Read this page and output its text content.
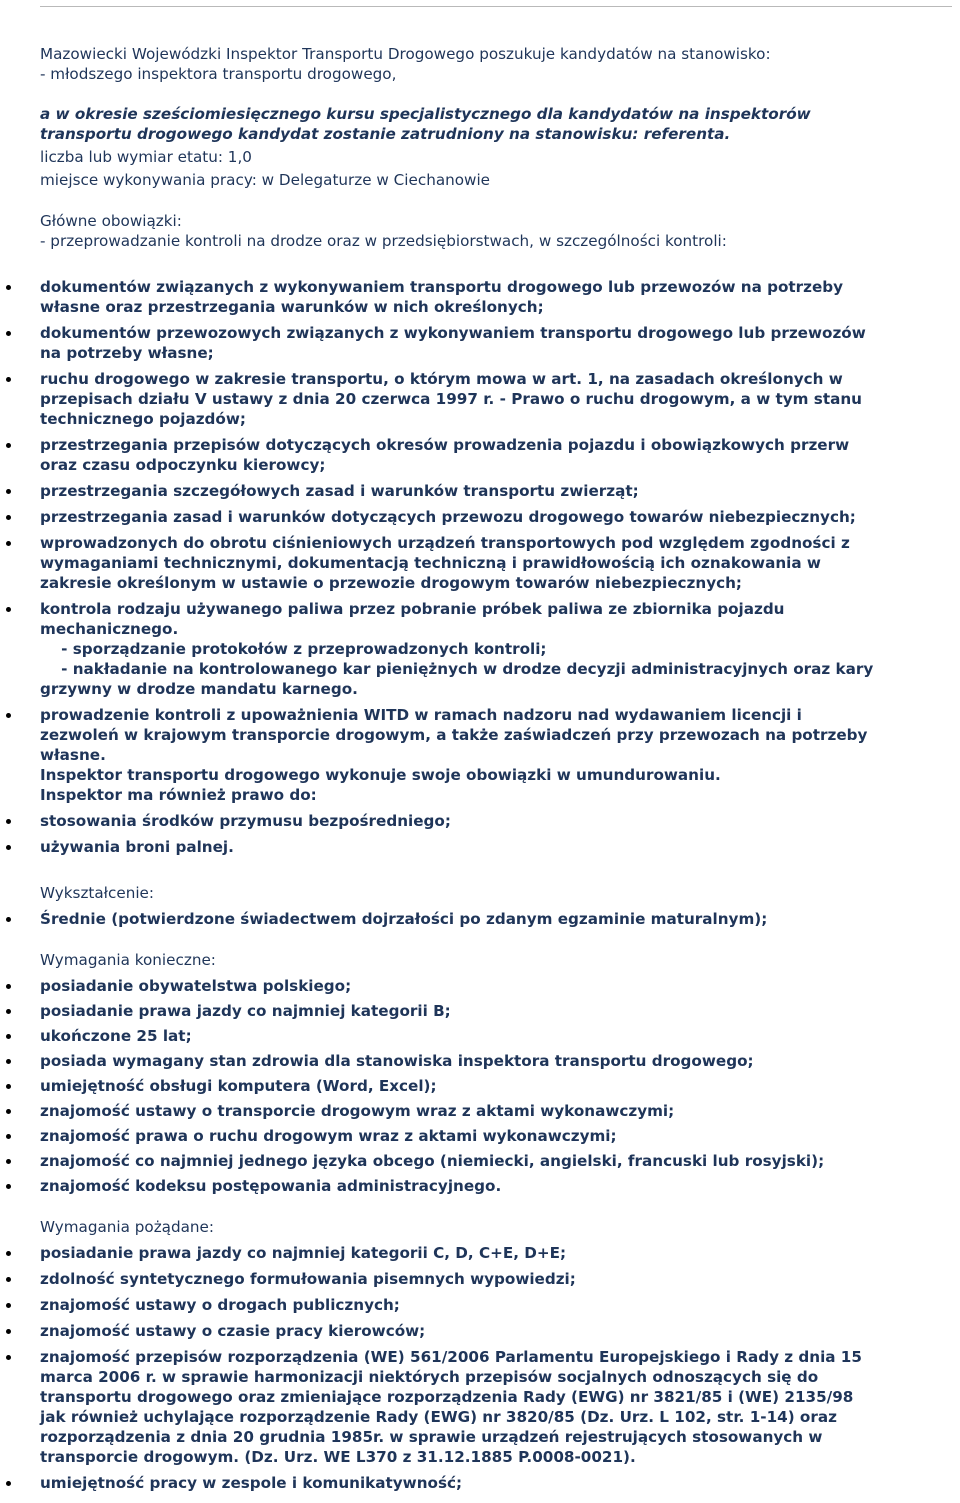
Mazowiecki Wojewódzki Inspektor Transportu Drogowego poszukuje kandydatów na stanowisko:
- młodszego inspektora transportu drogowego,
a w okresie sześciomiesięcznego kursu specjalistycznego dla kandydatów na inspektorów
transportu drogowego kandydat zostanie zatrudniony na stanowisku: referenta.
liczba lub wymiar etatu: 1,0
miejsce wykonywania pracy: w Delegaturze w Ciechanowie
Główne obowiązki:
- przeprowadzanie kontroli na drodze oraz w przedsiębiorstwach, w szczególności kontroli:
dokumentów związanych z wykonywaniem transportu drogowego lub przewozów na potrzeby
własne oraz przestrzegania warunków w nich określonych;
dokumentów przewozowych związanych z wykonywaniem transportu drogowego lub przewozów
na potrzeby własne;
ruchu drogowego w zakresie transportu, o którym mowa w art. 1, na zasadach określonych w
przepisach działu V ustawy z dnia 20 czerwca 1997 r. - Prawo o ruchu drogowym, a w tym stanu
technicznego pojazdów;
przestrzegania przepisów dotyczących okresów prowadzenia pojazdu i obowiązkowych przerw
oraz czasu odpoczynku kierowcy;
przestrzegania szczegółowych zasad i warunków transportu zwierząt;
przestrzegania zasad i warunków dotyczących przewozu drogowego towarów niebezpiecznych;
wprowadzonych do obrotu ciśnieniowych urządzeń transportowych pod względem zgodności z
wymaganiami technicznymi, dokumentacją techniczną i prawidłowością ich oznakowania w
zakresie określonym w ustawie o przewozie drogowym towarów niebezpiecznych;
kontrola rodzaju używanego paliwa przez pobranie próbek paliwa ze zbiornika pojazdu
mechanicznego.
- sporządzanie protokołów z przeprowadzonych kontroli;
- nakładanie na kontrolowanego kar pieniężnych w drodze decyzji administracyjnych oraz kary
grzywny w drodze mandatu karnego.
prowadzenie kontroli z upoważnienia WITD w ramach nadzoru nad wydawaniem licencji i
zezwoleń w krajowym transporcie drogowym, a także zaświadczeń przy przewozach na potrzeby
własne.
Inspektor transportu drogowego wykonuje swoje obowiązki w umundurowaniu.
Inspektor ma również prawo do:
stosowania środków przymusu bezpośredniego;
używania broni palnej.
Wykształcenie:
Średnie (potwierdzone świadectwem dojrzałości po zdanym egzaminie maturalnym);
Wymagania konieczne:
posiadanie obywatelstwa polskiego;
posiadanie prawa jazdy co najmniej kategorii B;
ukończone 25 lat;
posiada wymagany stan zdrowia dla stanowiska inspektora transportu drogowego;
umiejętność obsługi komputera (Word, Excel);
znajomość ustawy o transporcie drogowym wraz z aktami wykonawczymi;
znajomość prawa o ruchu drogowym wraz z aktami wykonawczymi;
znajomość co najmniej jednego języka obcego (niemiecki, angielski, francuski lub rosyjski);
znajomość kodeksu postępowania administracyjnego.
Wymagania pożądane:
posiadanie prawa jazdy co najmniej kategorii C, D, C+E, D+E;
zdolność syntetycznego formułowania pisemnych wypowiedzi;
znajomość ustawy o drogach publicznych;
znajomość ustawy o czasie pracy kierowców;
znajomość przepisów rozporządzenia (WE) 561/2006 Parlamentu Europejskiego i Rady z dnia 15
marca 2006 r. w sprawie harmonizacji niektórych przepisów socjalnych odnoszących się do
transportu drogowego oraz zmieniające rozporządzenia Rady (EWG) nr 3821/85 i (WE) 2135/98
jak również uchylające rozporządzenie Rady (EWG) nr 3820/85 (Dz. Urz. L 102, str. 1-14) oraz
rozporządzenia z dnia 20 grudnia 1985r. w sprawie urządzeń rejestrujących stosowanych w
transporcie drogowym. (Dz. Urz. WE L370 z 31.12.1885 P.0008-0021).
umiejętność pracy w zespole i komunikatywność;
